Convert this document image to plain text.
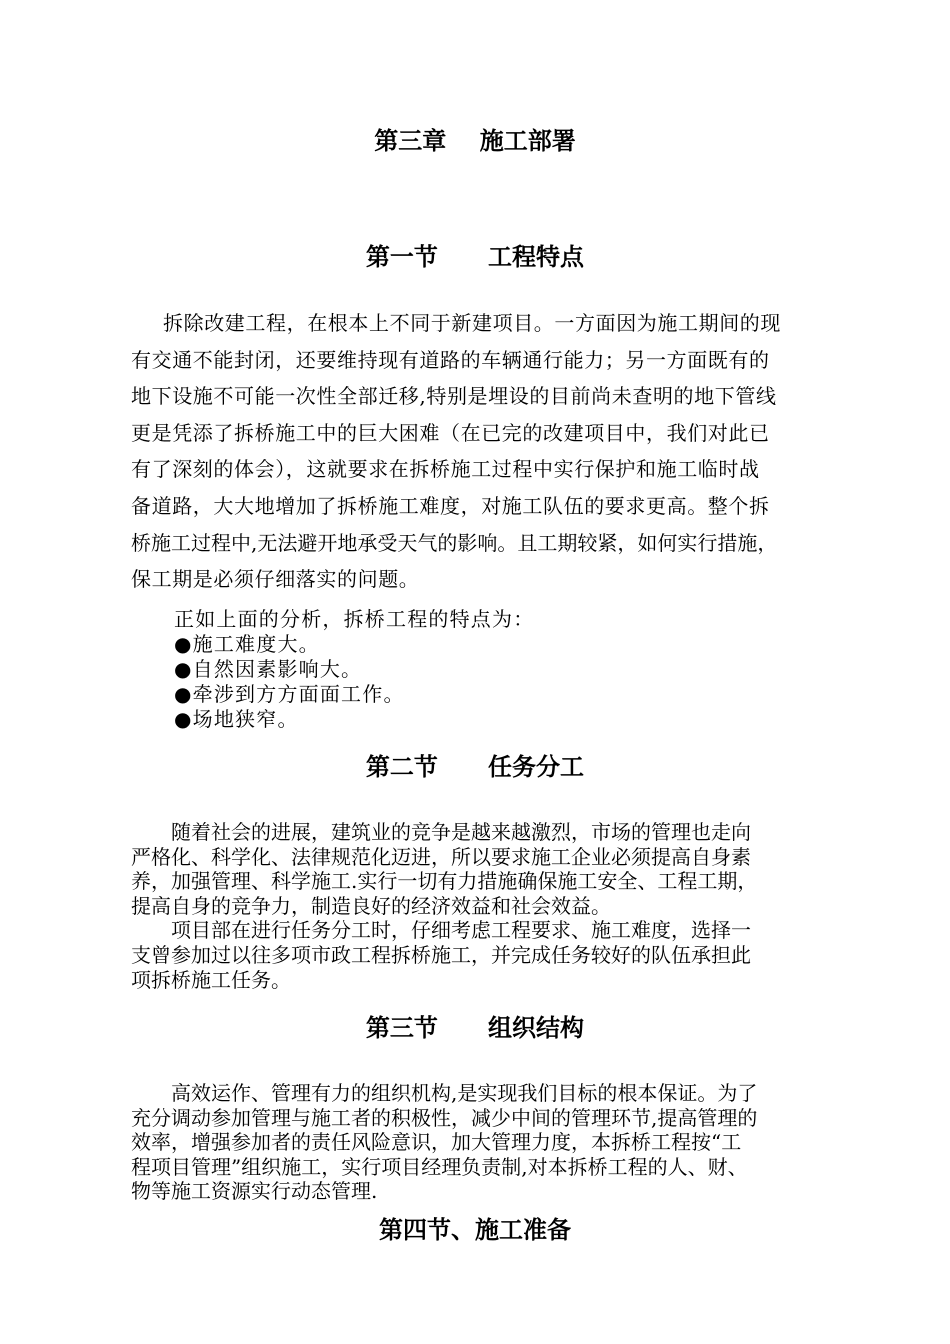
第三章    施工部署
第一节      工程特点
拆除改建工程，在根本上不同于新建项目。一方面因为施工期间的现
有交通不能封闭，还要维持现有道路的车辆通行能力；另一方面既有的
地下设施不可能一次性全部迁移,特别是埋设的目前尚未查明的地下管线
更是凭添了拆桥施工中的巨大困难（在已完的改建项目中，我们对此已
有了深刻的体会），这就要求在拆桥施工过程中实行保护和施工临时战
备道路，大大地增加了拆桥施工难度，对施工队伍的要求更高。整个拆
桥施工过程中,无法避开地承受天气的影响。且工期较紧，如何实行措施，
保工期是必须仔细落实的问题。
正如上面的分析，拆桥工程的特点为：
●施工难度大。
●自然因素影响大。
●牵涉到方方面面工作。
●场地狭窄。
第二节      任务分工
随着社会的进展，建筑业的竞争是越来越激烈，市场的管理也走向
严格化、科学化、法律规范化迈进，所以要求施工企业必须提高自身素
养，加强管理、科学施工.实行一切有力措施确保施工安全、工程工期，
提高自身的竞争力，制造良好的经济效益和社会效益。
项目部在进行任务分工时，仔细考虑工程要求、施工难度，选择一
支曾参加过以往多项市政工程拆桥施工，并完成任务较好的队伍承担此
项拆桥施工任务。
第三节      组织结构
高效运作、管理有力的组织机构,是实现我们目标的根本保证。为了
充分调动参加管理与施工者的积极性，减少中间的管理环节,提高管理的
效率，增强参加者的责任风险意识，加大管理力度，本拆桥工程按“工
程项目管理”组织施工，实行项目经理负责制,对本拆桥工程的人、财、
物等施工资源实行动态管理.
第四节、施工准备
